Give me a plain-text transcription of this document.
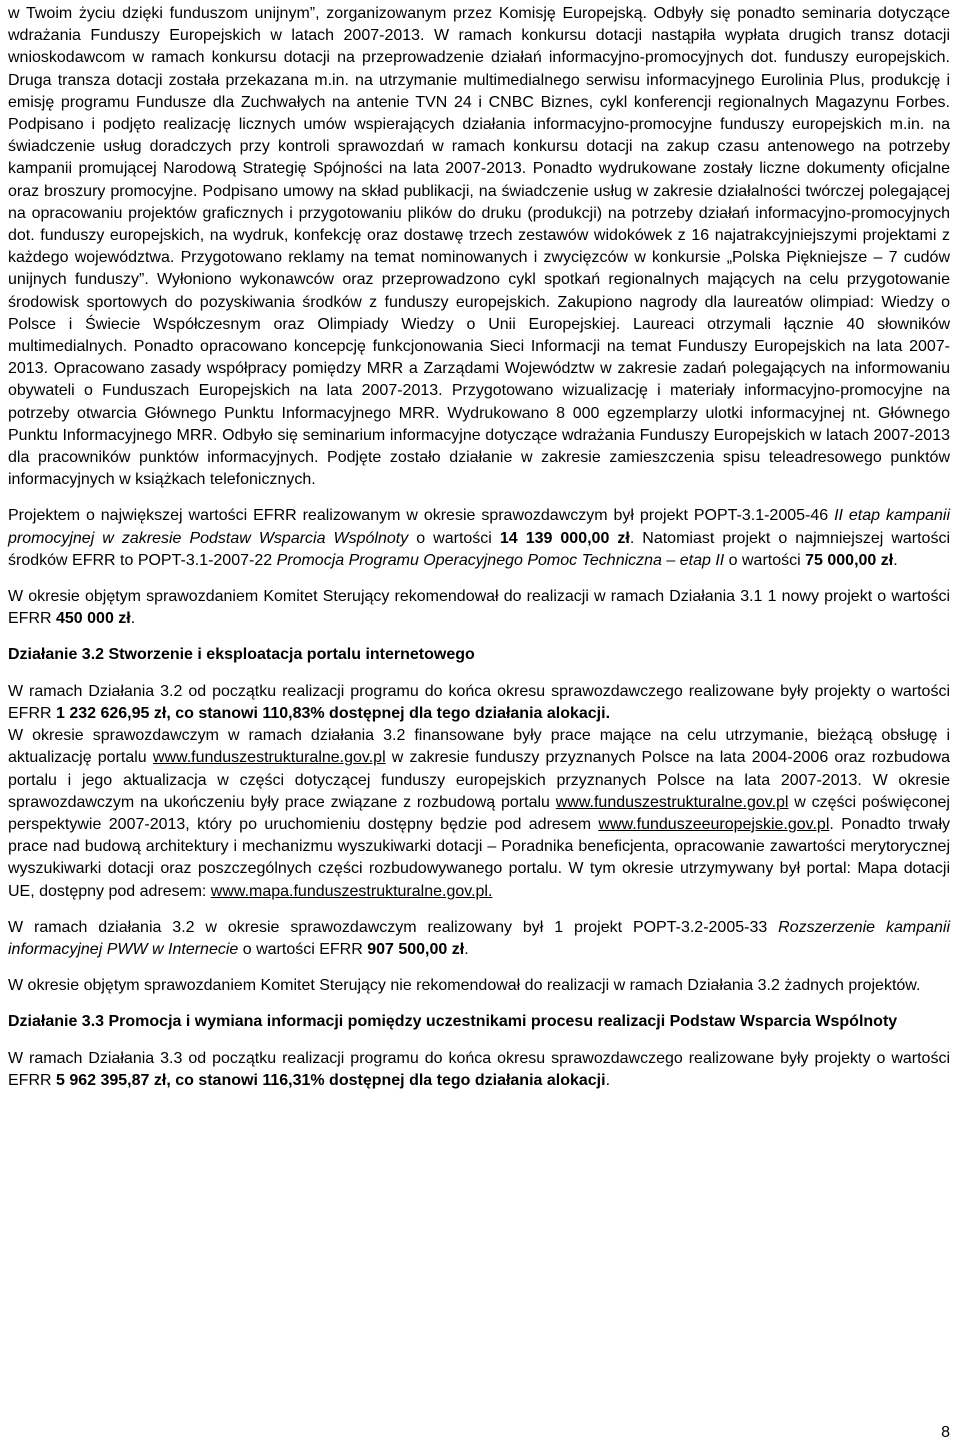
w Twoim życiu dzięki funduszom unijnym”, zorganizowanym przez Komisję Europejską. Odbyły się ponadto seminaria dotyczące wdrażania Funduszy Europejskich w latach 2007-2013. W ramach konkursu dotacji nastąpiła wypłata drugich transz dotacji wnioskodawcom w ramach konkursu dotacji na przeprowadzenie działań informacyjno-promocyjnych dot. funduszy europejskich. Druga transza dotacji została przekazana m.in. na utrzymanie multimedialnego serwisu informacyjnego Eurolinia Plus, produkcję i emisję programu Fundusze dla Zuchwałych na antenie TVN 24 i CNBC Biznes, cykl konferencji regionalnych Magazynu Forbes. Podpisano i podjęto realizację licznych umów wspierających działania informacyjno-promocyjne funduszy europejskich m.in. na świadczenie usług doradczych przy kontroli sprawozdań w ramach konkursu dotacji na zakup czasu antenowego na potrzeby kampanii promującej Narodową Strategię Spójności na lata 2007-2013. Ponadto wydrukowane zostały liczne dokumenty oficjalne oraz broszury promocyjne. Podpisano umowy na skład publikacji, na świadczenie usług w zakresie działalności twórczej polegającej na opracowaniu projektów graficznych i przygotowaniu plików do druku (produkcji) na potrzeby działań informacyjno-promocyjnych dot. funduszy europejskich, na wydruk, konfekcję oraz dostawę trzech zestawów widokówek z 16 najatrakcyjniejszymi projektami z każdego województwa. Przygotowano reklamy na temat nominowanych i zwycięzców w konkursie „Polska Piękniejsze – 7 cudów unijnych funduszy”. Wyłoniono wykonawców oraz przeprowadzono cykl spotkań regionalnych mających na celu przygotowanie środowisk sportowych do pozyskiwania środków z funduszy europejskich. Zakupiono nagrody dla laureatów olimpiad: Wiedzy o Polsce i Świecie Współczesnym oraz Olimpiady Wiedzy o Unii Europejskiej. Laureaci otrzymali łącznie 40 słowników multimedialnych. Ponadto opracowano koncepcję funkcjonowania Sieci Informacji na temat Funduszy Europejskich na lata 2007-2013. Opracowano zasady współpracy pomiędzy MRR a Zarządami Województw w zakresie zadań polegających na informowaniu obywateli o Funduszach Europejskich na lata 2007-2013. Przygotowano wizualizację i materiały informacyjno-promocyjne na potrzeby otwarcia Głównego Punktu Informacyjnego MRR. Wydrukowano 8 000 egzemplarzy ulotki informacyjnej nt. Głównego Punktu Informacyjnego MRR. Odbyło się seminarium informacyjne dotyczące wdrażania Funduszy Europejskich w latach 2007-2013 dla pracowników punktów informacyjnych. Podjęte zostało działanie w zakresie zamieszczenia spisu teleadresowego punktów informacyjnych w książkach telefonicznych.

Projektem o największej wartości EFRR realizowanym w okresie sprawozdawczym był projekt POPT-3.1-2005-46 II etap kampanii promocyjnej w zakresie Podstaw Wsparcia Wspólnoty o wartości 14 139 000,00 zł. Natomiast projekt o najmniejszej wartości środków EFRR to POPT-3.1-2007-22 Promocja Programu Operacyjnego Pomoc Techniczna – etap II o wartości 75 000,00 zł.

W okresie objętym sprawozdaniem Komitet Sterujący rekomendował do realizacji w ramach Działania 3.1 1 nowy projekt o wartości EFRR 450 000 zł.

Działanie 3.2 Stworzenie i eksploatacja portalu internetowego

W ramach Działania 3.2 od początku realizacji programu do końca okresu sprawozdawczego realizowane były projekty o wartości EFRR 1 232 626,95 zł, co stanowi 110,83% dostępnej dla tego działania alokacji.

W okresie sprawozdawczym w ramach działania 3.2 finansowane były prace mające na celu utrzymanie, bieżącą obsługę i aktualizację portalu www.funduszestrukturalne.gov.pl w zakresie funduszy przyznanych Polsce na lata 2004-2006 oraz rozbudowa portalu i jego aktualizacja w części dotyczącej funduszy europejskich przyznanych Polsce na lata 2007-2013. W okresie sprawozdawczym na ukończeniu były prace związane z rozbudową portalu www.funduszestrukturalne.gov.pl w części poświęconej perspektywie 2007-2013, który po uruchomieniu dostępny będzie pod adresem www.funduszeeuropejskie.gov.pl. Ponadto trwały prace nad budową architektury i mechanizmu wyszukiwarki dotacji – Poradnika beneficjenta, opracowanie zawartości merytorycznej wyszukiwarki dotacji oraz poszczególnych części rozbudowywanego portalu. W tym okresie utrzymywany był portal: Mapa dotacji UE, dostępny pod adresem: www.mapa.funduszestrukturalne.gov.pl.

W ramach działania 3.2 w okresie sprawozdawczym realizowany był 1 projekt POPT-3.2-2005-33 Rozszerzenie kampanii informacyjnej PWW w Internecie o wartości EFRR 907 500,00 zł.

W okresie objętym sprawozdaniem Komitet Sterujący nie rekomendował do realizacji w ramach Działania 3.2 żadnych projektów.

Działanie 3.3 Promocja i wymiana informacji pomiędzy uczestnikami procesu realizacji Podstaw Wsparcia Wspólnoty

W ramach Działania 3.3 od początku realizacji programu do końca okresu sprawozdawczego realizowane były projekty o wartości EFRR 5 962 395,87 zł, co stanowi 116,31% dostępnej dla tego działania alokacji.

8
